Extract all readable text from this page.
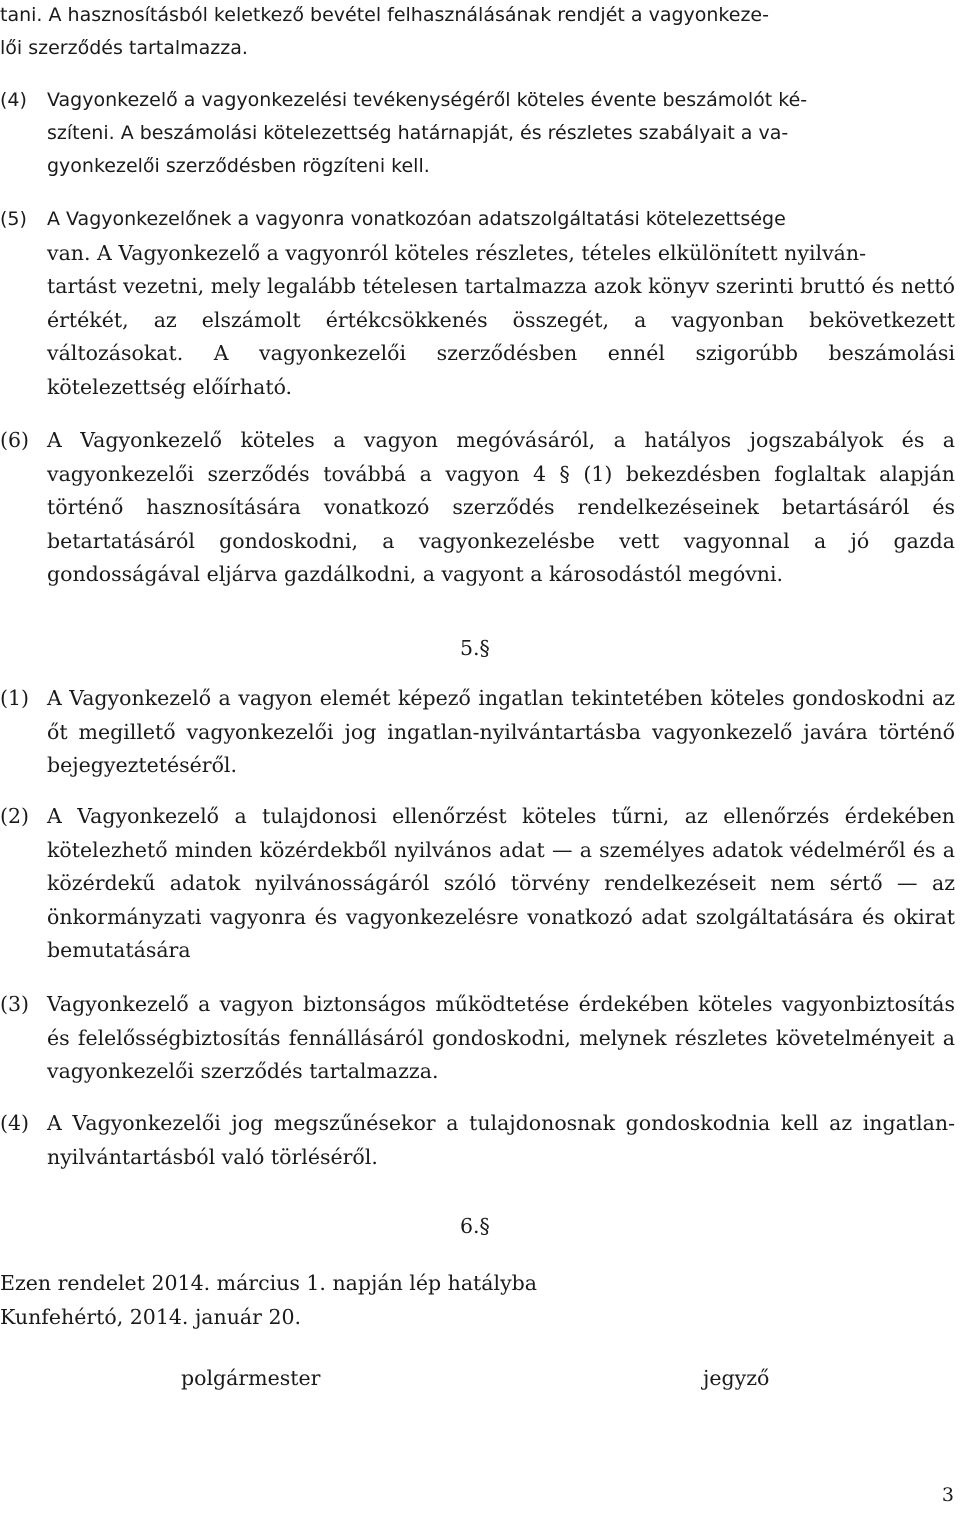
tani. A hasznosításból keletkező bevétel felhasználásának rendjét a vagyonkeze-
lői szerződés tartalmazza.
(4) Vagyonkezelő a vagyonkezelési tevékenységéről köteles évente beszámolót ké-
szíteni. A beszámolási kötelezettség határnapját, és részletes szabályait a va-
gyonkezelői szerződésben rögzíteni kell.
(5) A Vagyonkezelőnek a vagyonra vonatkozóan adatszolgáltatási kötelezettsége
van. A Vagyonkezelő a vagyonról köteles részletes, tételes elkülönített nyilván-
tartást vezetni, mely legalább tételesen tartalmazza azok könyv szerinti bruttó és nettó értékét, az elszámolt értékcsökkenés összegét, a vagyonban bekövetkezett változásokat. A vagyonkezelői szerződésben ennél szigorúbb beszámolási kötelezettség előírható.
(6) A Vagyonkezelő köteles a vagyon megóvásáról, a hatályos jogszabályok és a vagyonkezelői szerződés továbbá a vagyon 4 § (1) bekezdésben foglaltak alapján történő hasznosítására vonatkozó szerződés rendelkezéseinek betartásáról és betartatásáról gondoskodni, a vagyonkezelésbe vett vagyonnal a jó gazda gondosságával eljárva gazdálkodni, a vagyont a károsodástól megóvni.
5.§
(1) A Vagyonkezelő a vagyon elemét képező ingatlan tekintetében köteles gondoskodni az őt megillető vagyonkezelői jog ingatlan-nyilvántartásba vagyonkezelő javára történő bejegyeztetéséről.
(2) A Vagyonkezelő a tulajdonosi ellenőrzést köteles tűrni, az ellenőrzés érdekében kötelezhető minden közérdekből nyilvános adat — a személyes adatok védelméről és a közérdekű adatok nyilvánosságáról szóló törvény rendelkezéseit nem sértő — az önkormányzati vagyonra és vagyonkezelésre vonatkozó adat szolgáltatására és okirat bemutatására
(3) Vagyonkezelő a vagyon biztonságos működtetése érdekében köteles vagyonbiztosítás és felelősségbiztosítás fennállásáról gondoskodni, melynek részletes követelményeit a vagyonkezelői szerződés tartalmazza.
(4) A Vagyonkezelői jog megszűnésekor a tulajdonosnak gondoskodnia kell az ingatlan-nyilvántartásból való törléséről.
6.§
Ezen rendelet 2014. március 1. napján lép hatályba
Kunfehértó, 2014. január 20.
polgármester	jegyző
3
